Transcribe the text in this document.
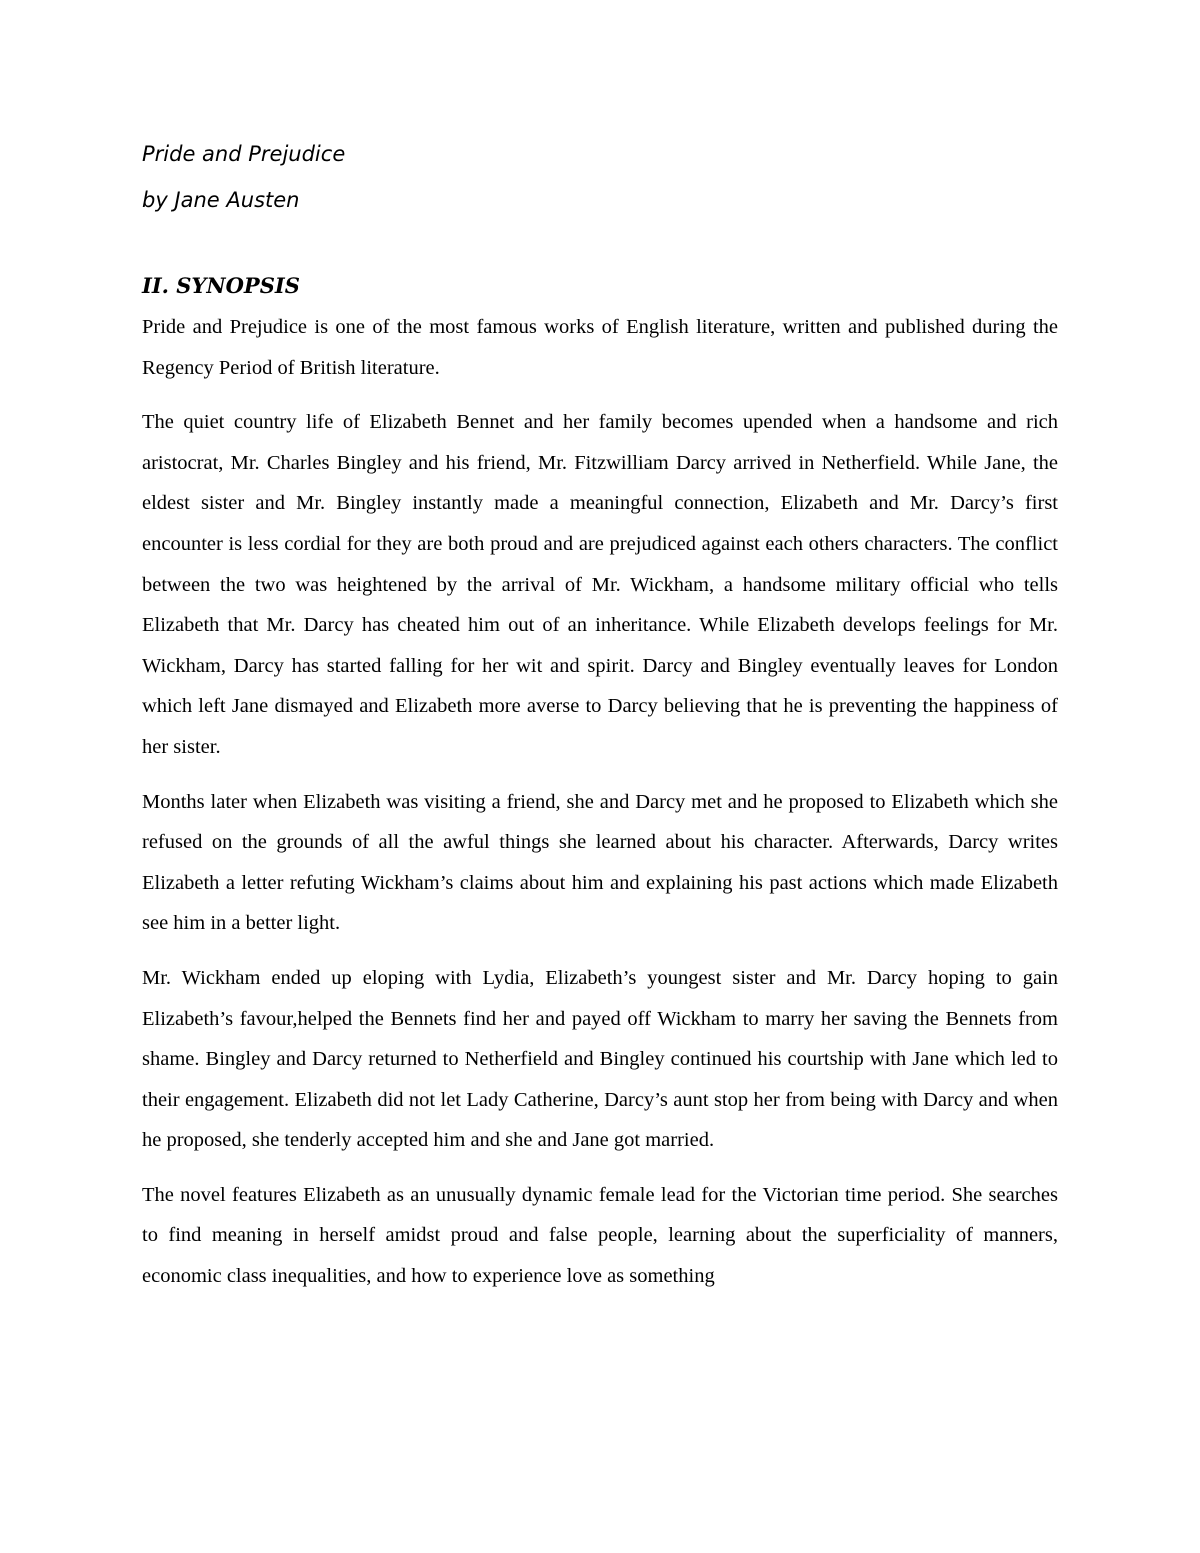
Pride and Prejudice

by Jane Austen

II. SYNOPSIS

Pride and Prejudice is one of the most famous works of English literature, written and published during the Regency Period of British literature.

The quiet country life of Elizabeth Bennet and her family becomes upended when a handsome and rich aristocrat, Mr. Charles Bingley and his friend, Mr. Fitzwilliam Darcy arrived in Netherfield. While Jane, the eldest sister and Mr. Bingley instantly made a meaningful connection, Elizabeth and Mr. Darcy’s first encounter is less cordial for they are both proud and are prejudiced against each others characters. The conflict between the two was heightened by the arrival of Mr. Wickham, a handsome military official who tells Elizabeth that Mr. Darcy has cheated him out of an inheritance. While Elizabeth develops feelings for Mr. Wickham, Darcy has started falling for her wit and spirit. Darcy and Bingley eventually leaves for London which left Jane dismayed and Elizabeth more averse to Darcy believing that he is preventing the happiness of her sister.

Months later when Elizabeth was visiting a friend, she and Darcy met and he proposed to Elizabeth which she refused on the grounds of all the awful things she learned about his character. Afterwards, Darcy writes Elizabeth a letter refuting Wickham’s claims about him and explaining his past actions which made Elizabeth see him in a better light.

Mr. Wickham ended up eloping with Lydia, Elizabeth’s youngest sister and Mr. Darcy hoping to gain Elizabeth’s favour,helped the Bennets find her and payed off Wickham to marry her saving the Bennets from shame. Bingley and Darcy returned to Netherfield and Bingley continued his courtship with Jane which led to their engagement. Elizabeth did not let Lady Catherine, Darcy’s aunt stop her from being with Darcy and when he proposed, she tenderly accepted him and she and Jane got married.

The novel features Elizabeth as an unusually dynamic female lead for the Victorian time period. She searches to find meaning in herself amidst proud and false people, learning about the superficiality of manners, economic class inequalities, and how to experience love as something
